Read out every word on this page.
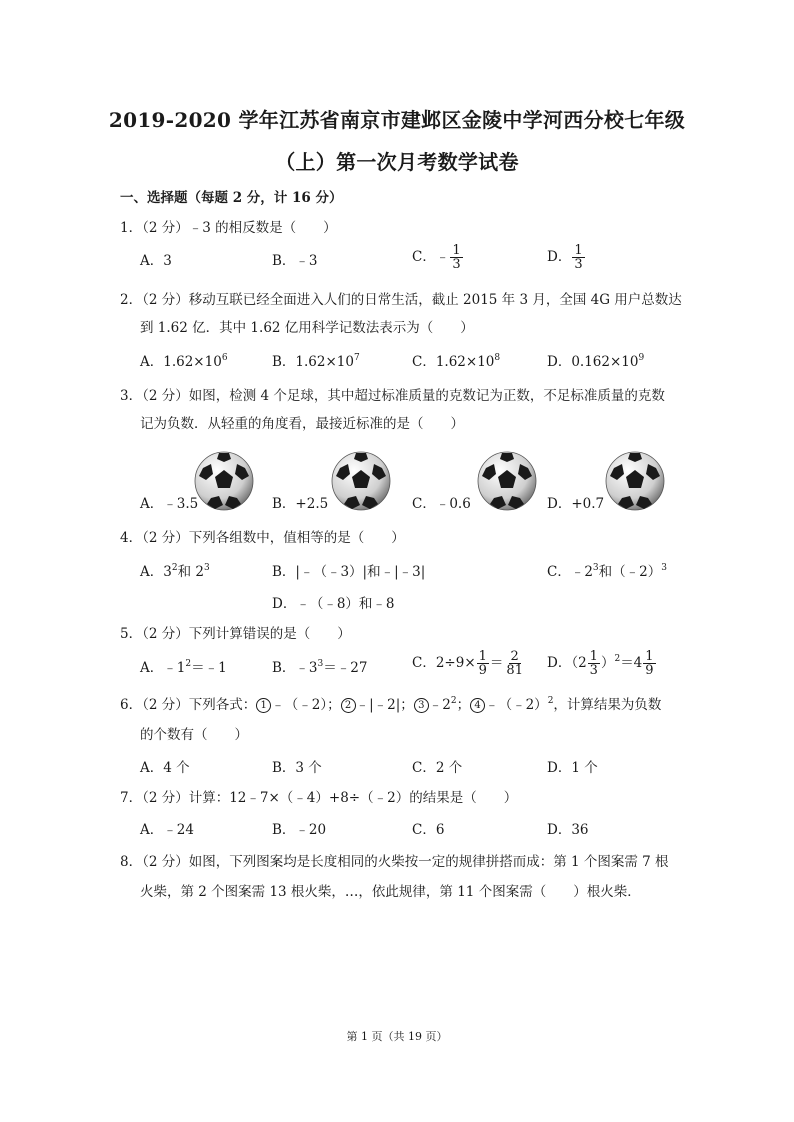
2019-2020 学年江苏省南京市建邺区金陵中学河西分校七年级
（上）第一次月考数学试卷
一、选择题（每题 2 分，计 16 分）
1．（2 分）﹣3 的相反数是（　　）
A．3	B．﹣3	C．﹣ $\frac{1}{3}$	D． $\frac{1}{3}$
2．（2 分）移动互联已经全面进入人们的日常生活，截止 2015 年 3 月，全国 4G 用户总数达
到 1.62 亿．其中 1.62 亿用科学记数法表示为（　　）
A．$1.62\times 10^6$	B．$1.62\times 10^7$	C．$1.62\times 10^8$	D．$0.162\times 10^9$
3．（2 分）如图，检测 4 个足球，其中超过标准质量的克数记为正数，不足标准质量的克数
记为负数．从轻重的角度看，最接近标准的是（　　）
A．﹣3.5	B．+2.5	C．﹣0.6	D．+0.7
4．（2 分）下列各组数中，值相等的是（　　）
A．$3^2$和 $2^3$	B．|﹣（﹣3）|和﹣|﹣3|	C．$﹣2^3$和（﹣2）$^3$
D．﹣（﹣8）和﹣8
5．（2 分）下列计算错误的是（　　）
A．$﹣1^2=﹣1$	B．$﹣3^3=﹣27$	C．$2\div 9\times \frac{1}{9} = \frac{2}{81}$ D．$(2 \frac{1}{3} )^2=4 \frac{1}{9}$
6．（2 分）下列各式： 1 ﹣（﹣2）； 2 ﹣|﹣2|； 3 $﹣2^2$； 4 ﹣（﹣2）$^2$，计算结果为负数
的个数有（　　）
A．4 个	B．3 个	C．2 个	D．1 个
7．（2 分）计算：12﹣7×（﹣4）+8÷（﹣2）的结果是（　　）
A．﹣24	B．﹣20	C．6	D．36
8．（2 分）如图，下列图案均是长度相同的火柴按一定的规律拼搭而成：第 1 个图案需 7 根
火柴，第 2 个图案需 13 根火柴，…，依此规律，第 11 个图案需（　　）根火柴．
第 1 页（共 19 页）
